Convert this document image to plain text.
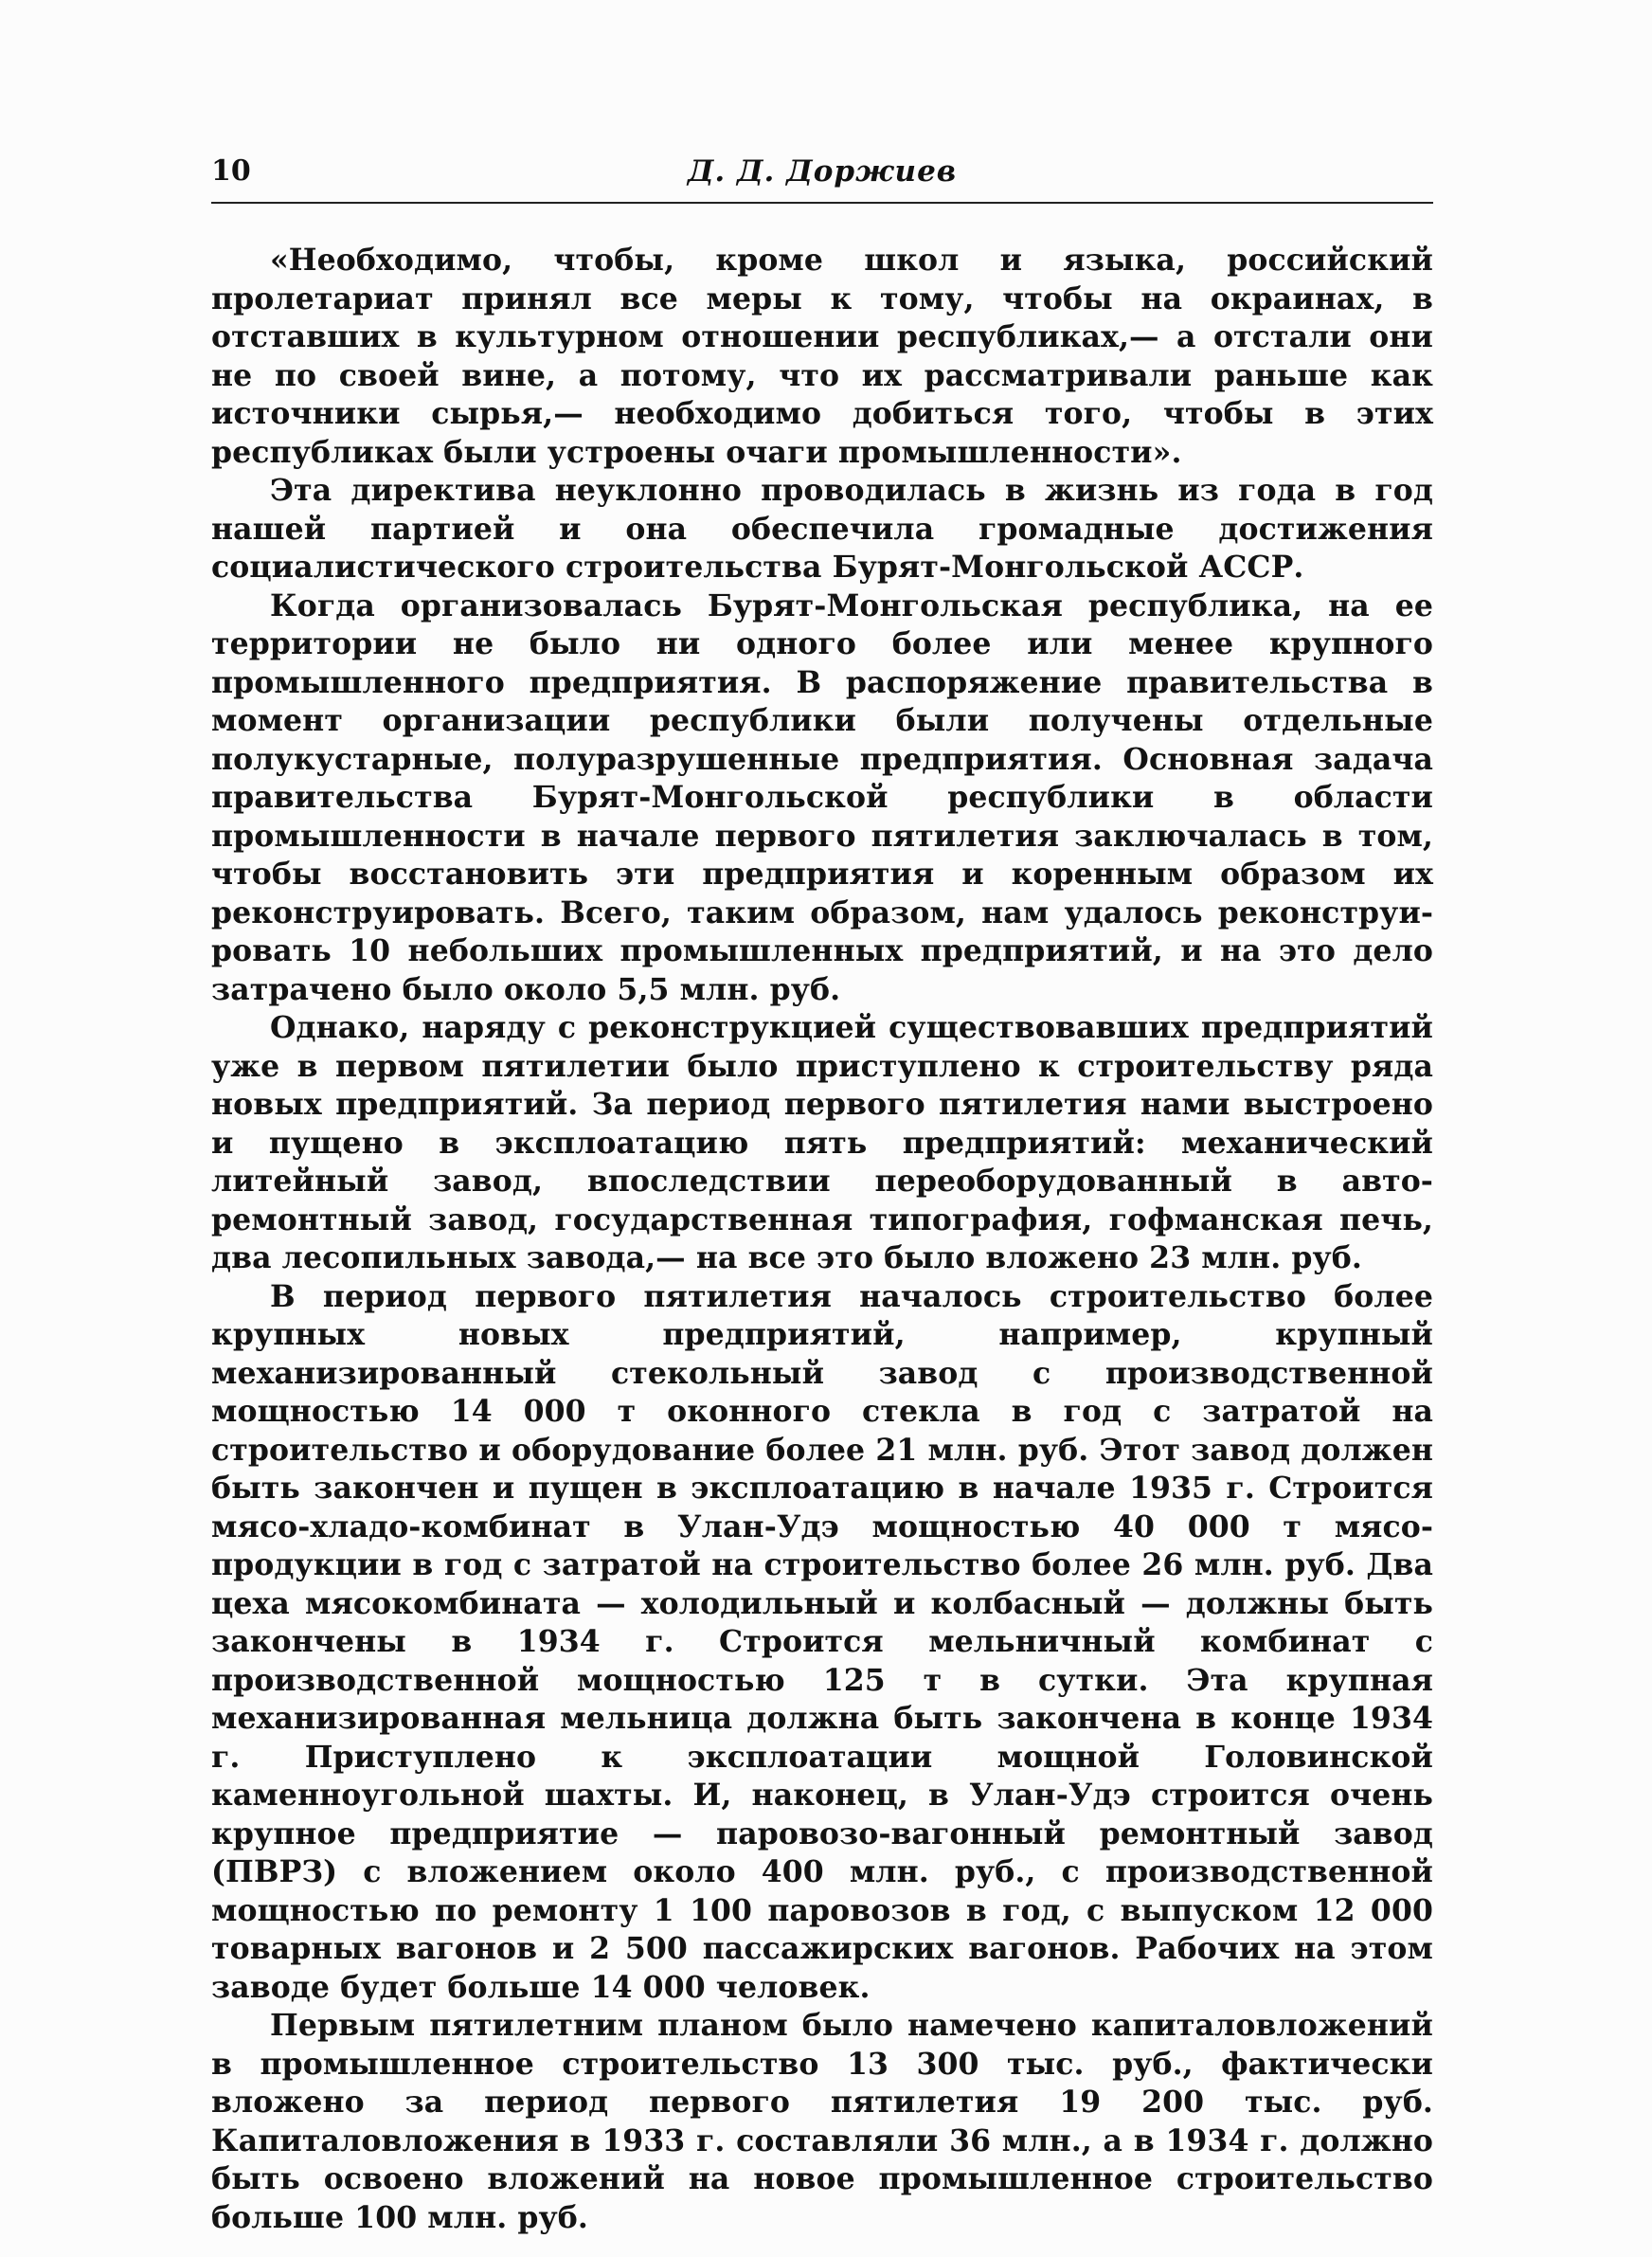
10	Д. Д. Доржиев

«Необходимо, чтобы, кроме школ и языка, российский пролетариат принял все меры к тому, чтобы на окраинах, в отставших в культурном отношении республиках,— а отстали они не по своей вине, а потому, что их рассматривали раньше как источники сырья,— необходимо добиться того, чтобы в этих республиках были устроены очаги промышленности».

Эта директива неуклонно проводилась в жизнь из года в год нашей партией и она обеспечила громадные достижения социалистического строительства Бурят-Монгольской АССР.

Когда организовалась Бурят-Монгольская республика, на ее территории не было ни одного более или менее крупного промышленного предприятия. В распоряжение правительства в момент организации республики были получены отдельные полукустарные, полуразрушенные предприятия. Основная задача правительства Бурят-Монгольской республики в области промышленности в начале первого пятилетия заключалась в том, чтобы восстановить эти предприятия и коренным образом их реконструировать. Всего, таким образом, нам удалось реконструировать 10 небольших промышленных предприятий, и на это дело затрачено было около 5,5 млн. руб.

Однако, наряду с реконструкцией существовавших предприятий уже в первом пятилетии было приступлено к строительству ряда новых предприятий. За период первого пятилетия нами выстроено и пущено в эксплоатацию пять предприятий: механический литейный завод, впоследствии переоборудованный в авто-ремонтный завод, государственная типография, гофманская печь, два лесопильных завода,— на все это было вложено 23 млн. руб.

В период первого пятилетия началось строительство более крупных новых предприятий, например, крупный механизированный стекольный завод с производственной мощностью 14 000 т оконного стекла в год с затратой на строительство и оборудование более 21 млн. руб. Этот завод должен быть закончен и пущен в эксплоатацию в начале 1935 г. Строится мясо-хладо-комбинат в Улан-Удэ мощностью 40 000 т мясопродукции в год с затратой на строительство более 26 млн. руб. Два цеха мясокомбината — холодильный и колбасный — должны быть закончены в 1934 г. Строится мельничный комбинат с производственной мощностью 125 т в сутки. Эта крупная механизированная мельница должна быть закончена в конце 1934 г. Приступлено к эксплоатации мощной Головинской каменноугольной шахты. И, наконец, в Улан-Удэ строится очень крупное предприятие — паровозо-вагонный ремонтный завод (ПВРЗ) с вложением около 400 млн. руб., с производственной мощностью по ремонту 1 100 паровозов в год, с выпуском 12 000 товарных вагонов и 2 500 пассажирских вагонов. Рабочих на этом заводе будет больше 14 000 человек.

Первым пятилетним планом было намечено капиталовложений в промышленное строительство 13 300 тыс. руб., фактически вложено за период первого пятилетия 19 200 тыс. руб. Капиталовложения в 1933 г. составляли 36 млн., а в 1934 г. должно быть освоено вложений на новое промышленное строительство больше 100 млн. руб.
